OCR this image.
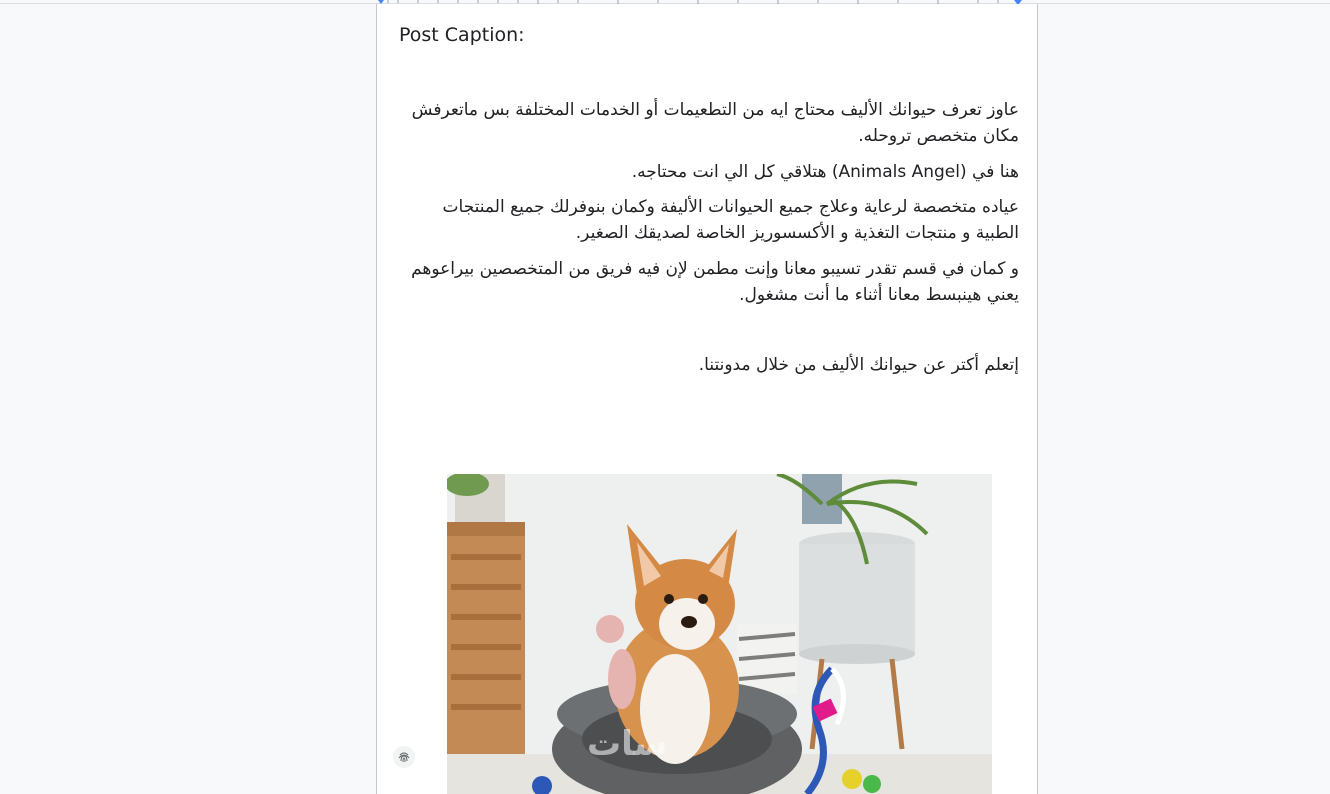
Post Caption:

عاوز تعرف حيوانك الأليف محتاج ايه من التطعيمات أو الخدمات المختلفة بس ماتعرفش مكان متخصص تروحله.

هنا في (Animals Angel) هتلاقي كل الي انت محتاجه.

عياده متخصصة لرعاية وعلاج جميع الحيوانات الأليفة وكمان بنوفرلك جميع المنتجات الطبية و منتجات التغذية و الأكسسوريز الخاصة لصديقك الصغير.

و كمان في قسم تقدر تسيبو معانا وإنت مطمن لإن فيه فريق من المتخصصين بيراعوهم يعني هينبسط معانا أثناء ما أنت مشغول.

إتعلم أكتر عن حيوانك الأليف من خلال مدونتنا.

سات
